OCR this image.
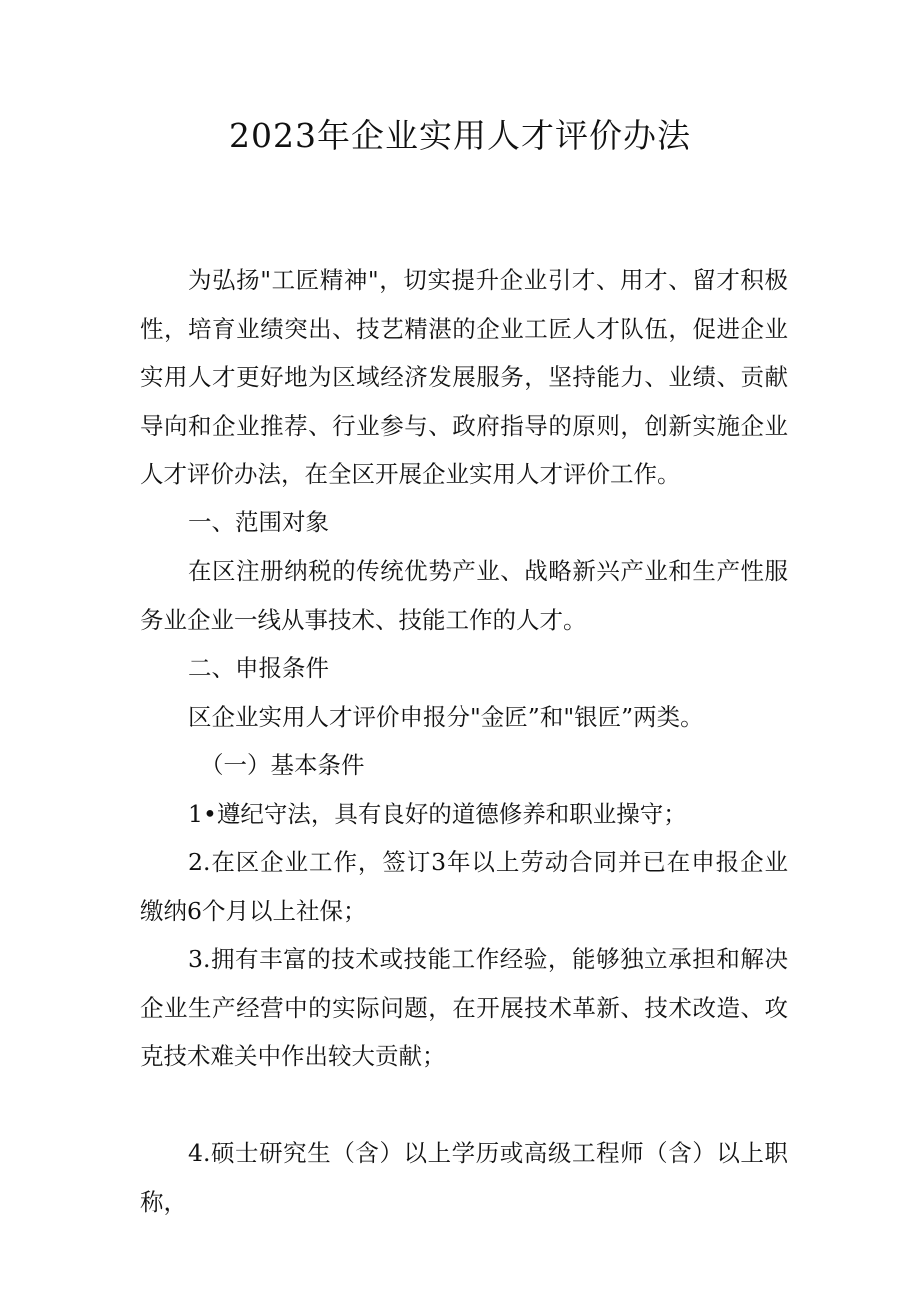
2023年企业实用人才评价办法

为弘扬"工匠精神"，切实提升企业引才、用才、留才积极性，培育业绩突出、技艺精湛的企业工匠人才队伍，促进企业实用人才更好地为区域经济发展服务，坚持能力、业绩、贡献导向和企业推荐、行业参与、政府指导的原则，创新实施企业人才评价办法，在全区开展企业实用人才评价工作。

一、范围对象

在区注册纳税的传统优势产业、战略新兴产业和生产性服务业企业一线从事技术、技能工作的人才。

二、申报条件

区企业实用人才评价申报分"金匠”和"银匠”两类。

（一）基本条件

1•遵纪守法，具有良好的道德修养和职业操守；

2.在区企业工作，签订3年以上劳动合同并已在申报企业缴纳6个月以上社保；

3.拥有丰富的技术或技能工作经验，能够独立承担和解决企业生产经营中的实际问题，在开展技术革新、技术改造、攻克技术难关中作出较大贡献；

4.硕士研究生（含）以上学历或高级工程师（含）以上职称，
